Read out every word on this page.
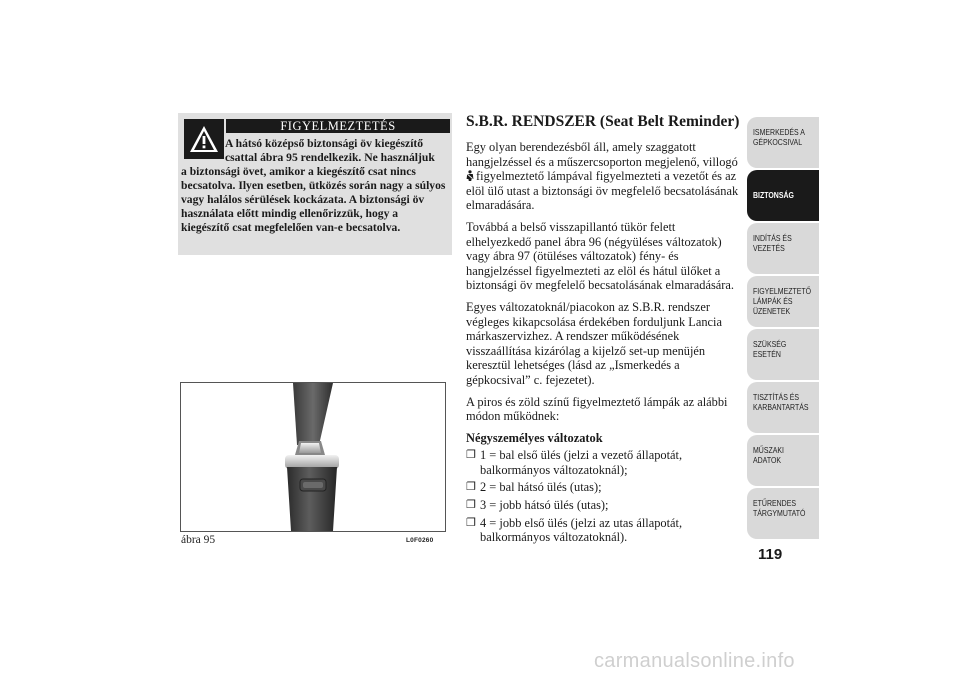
FIGYELMEZTETÉS
A hátsó középső biztonsági öv kiegészítő csattal ábra 95 rendelkezik. Ne használjuk
a biztonsági övet, amikor a kiegészítő csat nincs becsatolva. Ilyen esetben, ütközés során nagy a súlyos vagy halálos sérülések kockázata. A biztonsági öv használata előtt mindig ellenőrizzük, hogy a kiegészítő csat megfelelően van-e becsatolva.
ábra 95	L0F0260
S.B.R. RENDSZER (Seat Belt Reminder)

Egy olyan berendezésből áll, amely szaggatott hangjelzéssel és a műszercsoporton megjelenő, villogó
figyelmeztető lámpával figyelmezteti a vezetőt és az elöl ülő utast a biztonsági öv megfelelő becsatolásának elmaradására.

Továbbá a belső visszapillantó tükör felett elhelyezkedő panel ábra 96 (négyüléses változatok) vagy ábra 97 (ötüléses változatok) fény- és hangjelzéssel figyelmezteti az elöl és hátul ülőket a biztonsági öv megfelelő becsatolásának elmaradására.

Egyes változatoknál/piacokon az S.B.R. rendszer végleges kikapcsolása érdekében forduljunk Lancia márkaszervizhez. A rendszer működésének visszaállítása kizárólag a kijelző set-up menüjén keresztül lehetséges (lásd az „Ismerkedés a gépkocsival” c. fejezetet).

A piros és zöld színű figyelmeztető lámpák az alábbi módon működnek:

Négyszemélyes változatok

❐ 1 = bal első ülés (jelzi a vezető állapotát, balkormányos változatoknál);
❐ 2 = bal hátsó ülés (utas);
❐ 3 = jobb hátsó ülés (utas);
❐ 4 = jobb első ülés (jelzi az utas állapotát, balkormányos változatoknál).
ISMERKEDÉS A GÉPKOCSIVAL
BIZTONSÁG
INDÍTÁS ÉS VEZETÉS
FIGYELMEZTETŐ LÁMPÁK ÉS ÜZENETEK
SZÜKSÉG ESETÉN
TISZTÍTÁS ÉS KARBANTARTÁS
MŰSZAKI ADATOK
ETŰRENDES TÁRGYMUTATÓ
119
carmanualsonline.info
